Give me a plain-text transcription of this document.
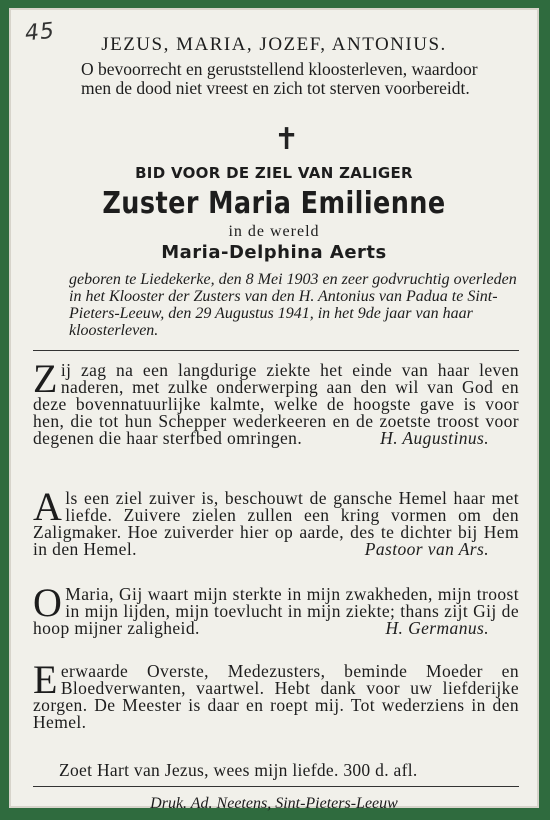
45	JEZUS, MARIA, JOZEF, ANTONIUS.

O bevoorrecht en geruststellend kloosterleven, waardoor men de dood niet vreest en zich tot sterven voorbereidt.

✝
BID VOOR DE ZIEL VAN ZALIGER
Zuster Maria Emilienne
in de wereld
Maria-Delphina Aerts

geboren te Liedekerke, den 8 Mei 1903 en zeer godvruchtig overleden in het Klooster der Zusters van den H. Antonius van Padua te Sint-Pieters-Leeuw, den 29 Augustus 1941, in het 9de jaar van haar kloosterleven.

Zij zag na een langdurige ziekte het einde van haar leven naderen, met zulke onderwerping aan den wil van God en deze bovennatuurlijke kalmte, welke de hoogste gave is voor hen, die tot hun Schepper wederkeeren en de zoetste troost voor degenen die haar sterfbed omringen.	H. Augustinus.

Als een ziel zuiver is, beschouwt de gansche Hemel haar met liefde. Zuivere zielen zullen een kring vormen om den Zaligmaker. Hoe zuiverder hier op aarde, des te dichter bij Hem in den Hemel.	Pastoor van Ars.

O Maria, Gij waart mijn sterkte in mijn zwakheden, mijn troost in mijn lijden, mijn toevlucht in mijn ziekte; thans zijt Gij de hoop mijner zaligheid.	H. Germanus.

Eerwaarde Overste, Medezusters, beminde Moeder en Bloedverwanten, vaartwel. Hebt dank voor uw liefderijke zorgen. De Meester is daar en roept mij. Tot wederziens in den Hemel.

Zoet Hart van Jezus, wees mijn liefde. 300 d. afl.

Druk. Ad. Neetens, Sint-Pieters-Leeuw
